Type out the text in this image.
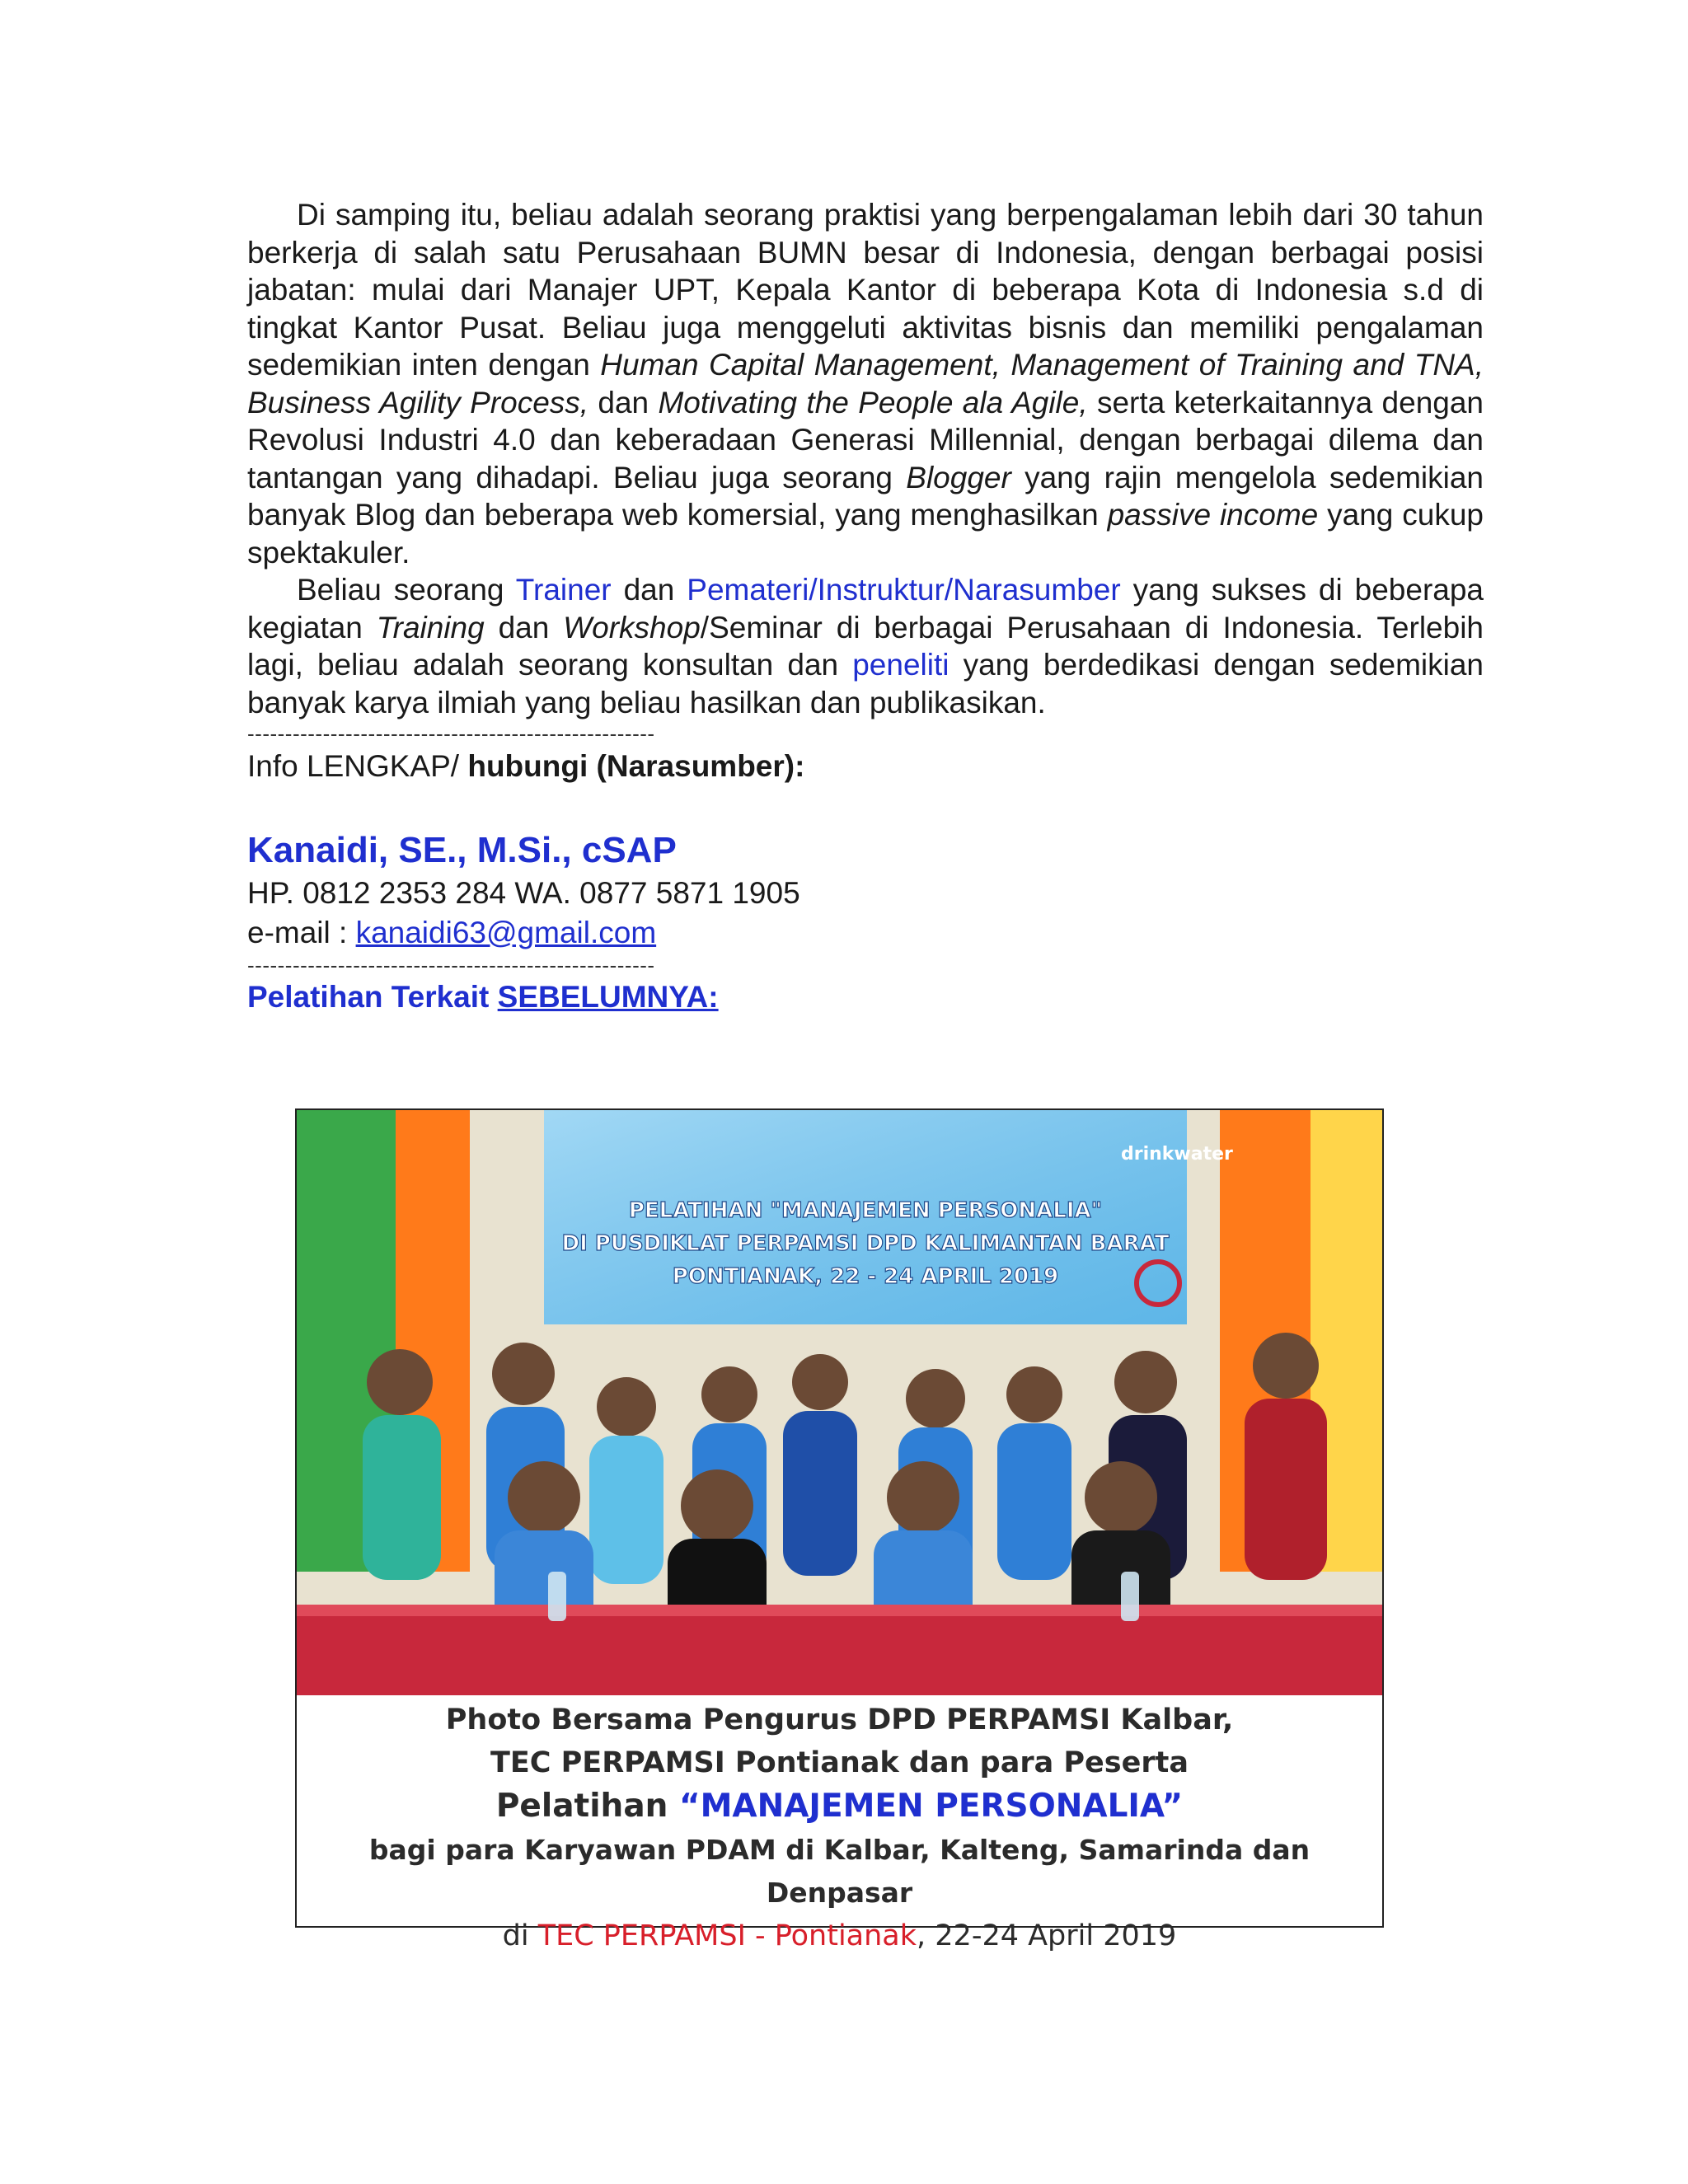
Di samping itu, beliau adalah seorang praktisi yang berpengalaman lebih dari 30 tahun berkerja di salah satu Perusahaan BUMN besar di Indonesia, dengan berbagai posisi jabatan: mulai dari Manajer UPT, Kepala Kantor di beberapa Kota di Indonesia s.d di tingkat Kantor Pusat. Beliau juga menggeluti aktivitas bisnis dan memiliki pengalaman sedemikian inten dengan Human Capital Management, Management of Training and TNA, Business Agility Process, dan Motivating the People ala Agile, serta keterkaitannya dengan Revolusi Industri 4.0 dan keberadaan Generasi Millennial, dengan berbagai dilema dan tantangan yang dihadapi. Beliau juga seorang Blogger yang rajin mengelola sedemikian banyak Blog dan beberapa web komersial, yang menghasilkan passive income yang cukup spektakuler.

Beliau seorang Trainer dan Pemateri/Instruktur/Narasumber yang sukses di beberapa kegiatan Training dan Workshop/Seminar di berbagai Perusahaan di Indonesia. Terlebih lagi, beliau adalah seorang konsultan dan peneliti yang berdedikasi dengan sedemikian banyak karya ilmiah yang beliau hasilkan dan publikasikan.

------------------------------------------------------

Info LENGKAP/ hubungi (Narasumber):

Kanaidi, SE., M.Si., cSAP

HP. 0812 2353 284 WA. 0877 5871 1905

e-mail : kanaidi63@gmail.com

------------------------------------------------------

Pelatihan Terkait SEBELUMNYA:

drinkwater
PELATIHAN "MANAJEMEN PERSONALIA"
DI PUSDIKLAT PERPAMSI DPD KALIMANTAN BARAT
PONTIANAK, 22 - 24 APRIL 2019
Photo Bersama Pengurus DPD PERPAMSI Kalbar,
TEC PERPAMSI Pontianak dan para Peserta
Pelatihan “MANAJEMEN PERSONALIA”
bagi para Karyawan PDAM di Kalbar, Kalteng, Samarinda dan Denpasar
di TEC PERPAMSI - Pontianak, 22-24 April 2019
